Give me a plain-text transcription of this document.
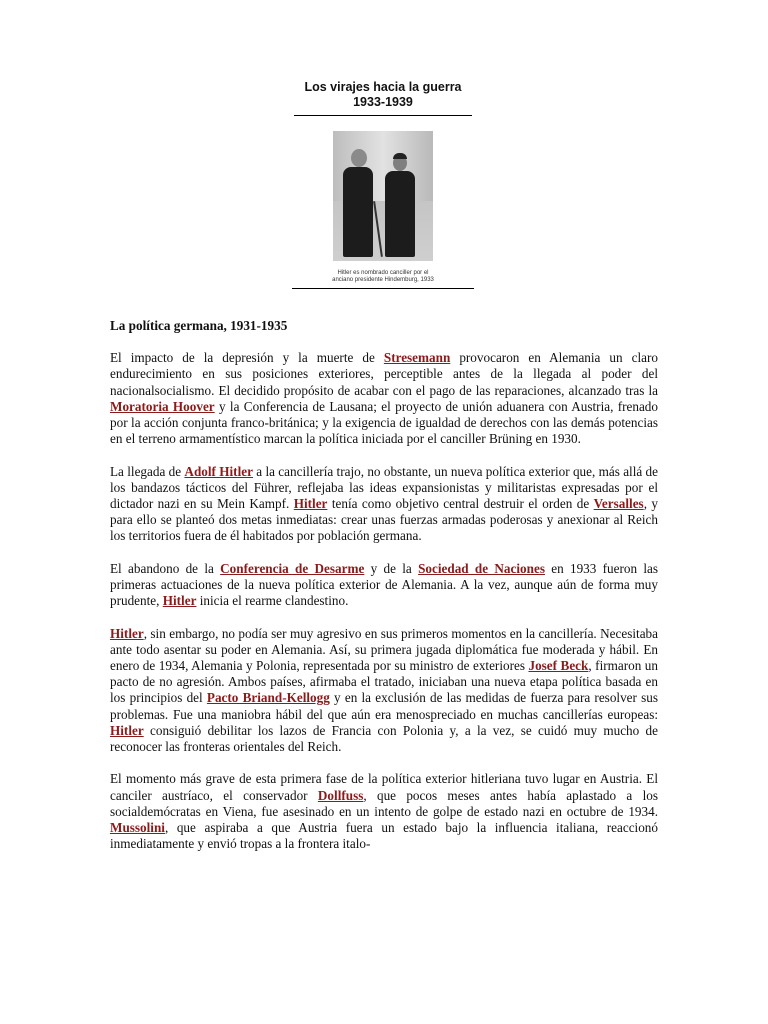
Los virajes hacia la guerra
1933-1939
Hitler es nombrado canciller por el
anciano presidente Hindemburg, 1933
La política germana, 1931-1935

El impacto de la depresión y la muerte de Stresemann provocaron en Alemania un claro endurecimiento en sus posiciones exteriores, perceptible antes de la llegada al poder del nacionalsocialismo. El decidido propósito de acabar con el pago de las reparaciones, alcanzado tras la Moratoria Hoover y la Conferencia de Lausana; el proyecto de unión aduanera con Austria, frenado por la acción conjunta franco-británica; y la exigencia de igualdad de derechos con las demás potencias en el terreno armamentístico marcan la política iniciada por el canciller Brüning en 1930.

La llegada de Adolf Hitler a la cancillería trajo, no obstante, un nueva política exterior que, más allá de los bandazos tácticos del Führer, reflejaba las ideas expansionistas y militaristas expresadas por el dictador nazi en su Mein Kampf. Hitler tenía como objetivo central destruir el orden de Versalles, y para ello se planteó dos metas inmediatas: crear unas fuerzas armadas poderosas y anexionar al Reich los territorios fuera de él habitados por población germana.

El abandono de la Conferencia de Desarme y de la Sociedad de Naciones en 1933 fueron las primeras actuaciones de la nueva política exterior de Alemania. A la vez, aunque aún de forma muy prudente, Hitler inicia el rearme clandestino.

Hitler, sin embargo, no podía ser muy agresivo en sus primeros momentos en la cancillería. Necesitaba ante todo asentar su poder en Alemania. Así, su primera jugada diplomática fue moderada y hábil. En enero de 1934, Alemania y Polonia, representada por su ministro de exteriores Josef Beck, firmaron un pacto de no agresión. Ambos países, afirmaba el tratado, iniciaban una nueva etapa política basada en los principios del Pacto Briand-Kellogg y en la exclusión de las medidas de fuerza para resolver sus problemas. Fue una maniobra hábil del que aún era menospreciado en muchas cancillerías europeas: Hitler consiguió debilitar los lazos de Francia con Polonia y, a la vez, se cuidó muy mucho de reconocer las fronteras orientales del Reich.

El momento más grave de esta primera fase de la política exterior hitleriana tuvo lugar en Austria. El canciler austríaco, el conservador Dollfuss, que pocos meses antes había aplastado a los socialdemócratas en Viena, fue asesinado en un intento de golpe de estado nazi en octubre de 1934. Mussolini, que aspiraba a que Austria fuera un estado bajo la influencia italiana, reaccionó inmediatamente y envió tropas a la frontera italo-
